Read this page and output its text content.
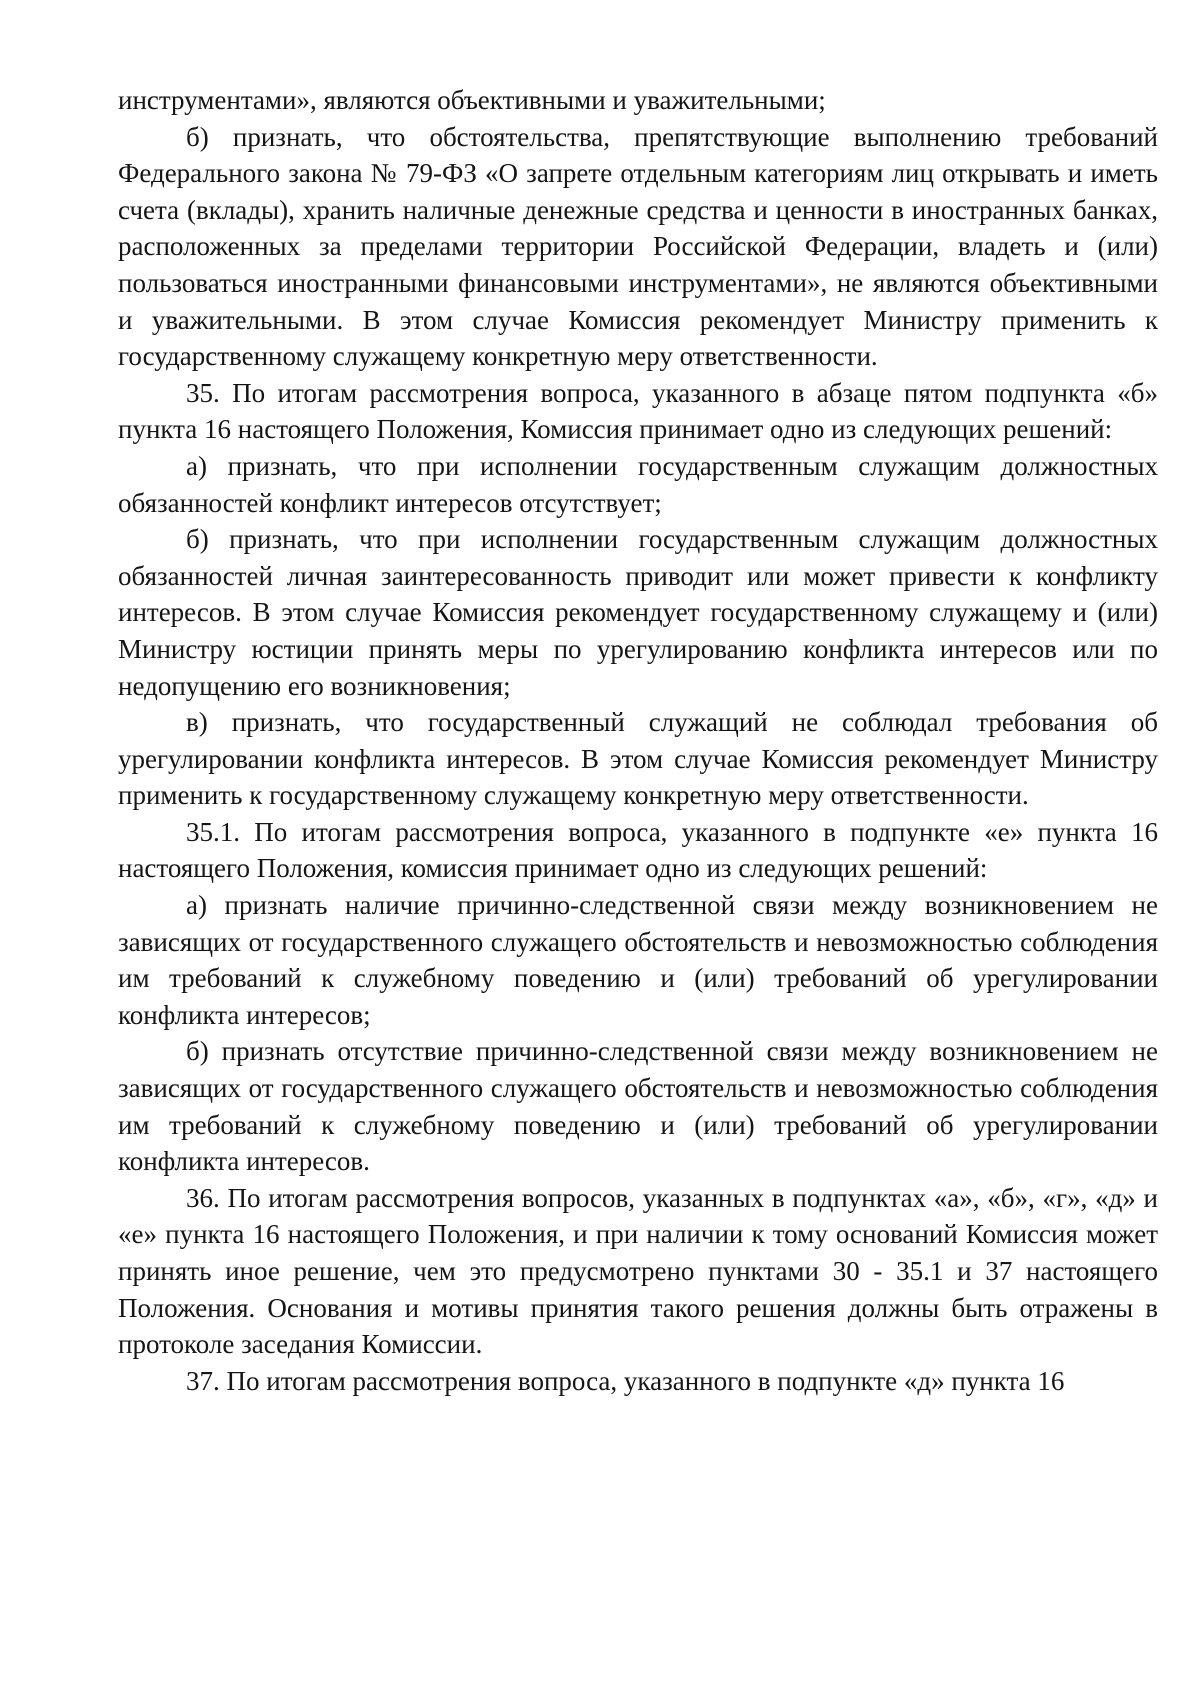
инструментами», являются объективными и уважительными;

б) признать, что обстоятельства, препятствующие выполнению требований Федерального закона № 79-ФЗ «О запрете отдельным категориям лиц открывать и иметь счета (вклады), хранить наличные денежные средства и ценности в иностранных банках, расположенных за пределами территории Российской Федерации, владеть и (или) пользоваться иностранными финансовыми инструментами», не являются объективными и уважительными. В этом случае Комиссия рекомендует Министру применить к государственному служащему конкретную меру ответственности.

35. По итогам рассмотрения вопроса, указанного в абзаце пятом подпункта «б» пункта 16 настоящего Положения, Комиссия принимает одно из следующих решений:

а) признать, что при исполнении государственным служащим должностных обязанностей конфликт интересов отсутствует;

б) признать, что при исполнении государственным служащим должностных обязанностей личная заинтересованность приводит или может привести к конфликту интересов. В этом случае Комиссия рекомендует государственному служащему и (или) Министру юстиции принять меры по урегулированию конфликта интересов или по недопущению его возникновения;

в) признать, что государственный служащий не соблюдал требования об урегулировании конфликта интересов. В этом случае Комиссия рекомендует Министру применить к государственному служащему конкретную меру ответственности.

35.1. По итогам рассмотрения вопроса, указанного в подпункте «е» пункта 16 настоящего Положения, комиссия принимает одно из следующих решений:

а) признать наличие причинно-следственной связи между возникновением не зависящих от государственного служащего обстоятельств и невозможностью соблюдения им требований к служебному поведению и (или) требований об урегулировании конфликта интересов;

б) признать отсутствие причинно-следственной связи между возникновением не зависящих от государственного служащего обстоятельств и невозможностью соблюдения им требований к служебному поведению и (или) требований об урегулировании конфликта интересов.

36. По итогам рассмотрения вопросов, указанных в подпунктах «а», «б», «г», «д» и «е» пункта 16 настоящего Положения, и при наличии к тому оснований Комиссия может принять иное решение, чем это предусмотрено пунктами 30 - 35.1 и 37 настоящего Положения. Основания и мотивы принятия такого решения должны быть отражены в протоколе заседания Комиссии.

37. По итогам рассмотрения вопроса, указанного в подпункте «д» пункта 16
